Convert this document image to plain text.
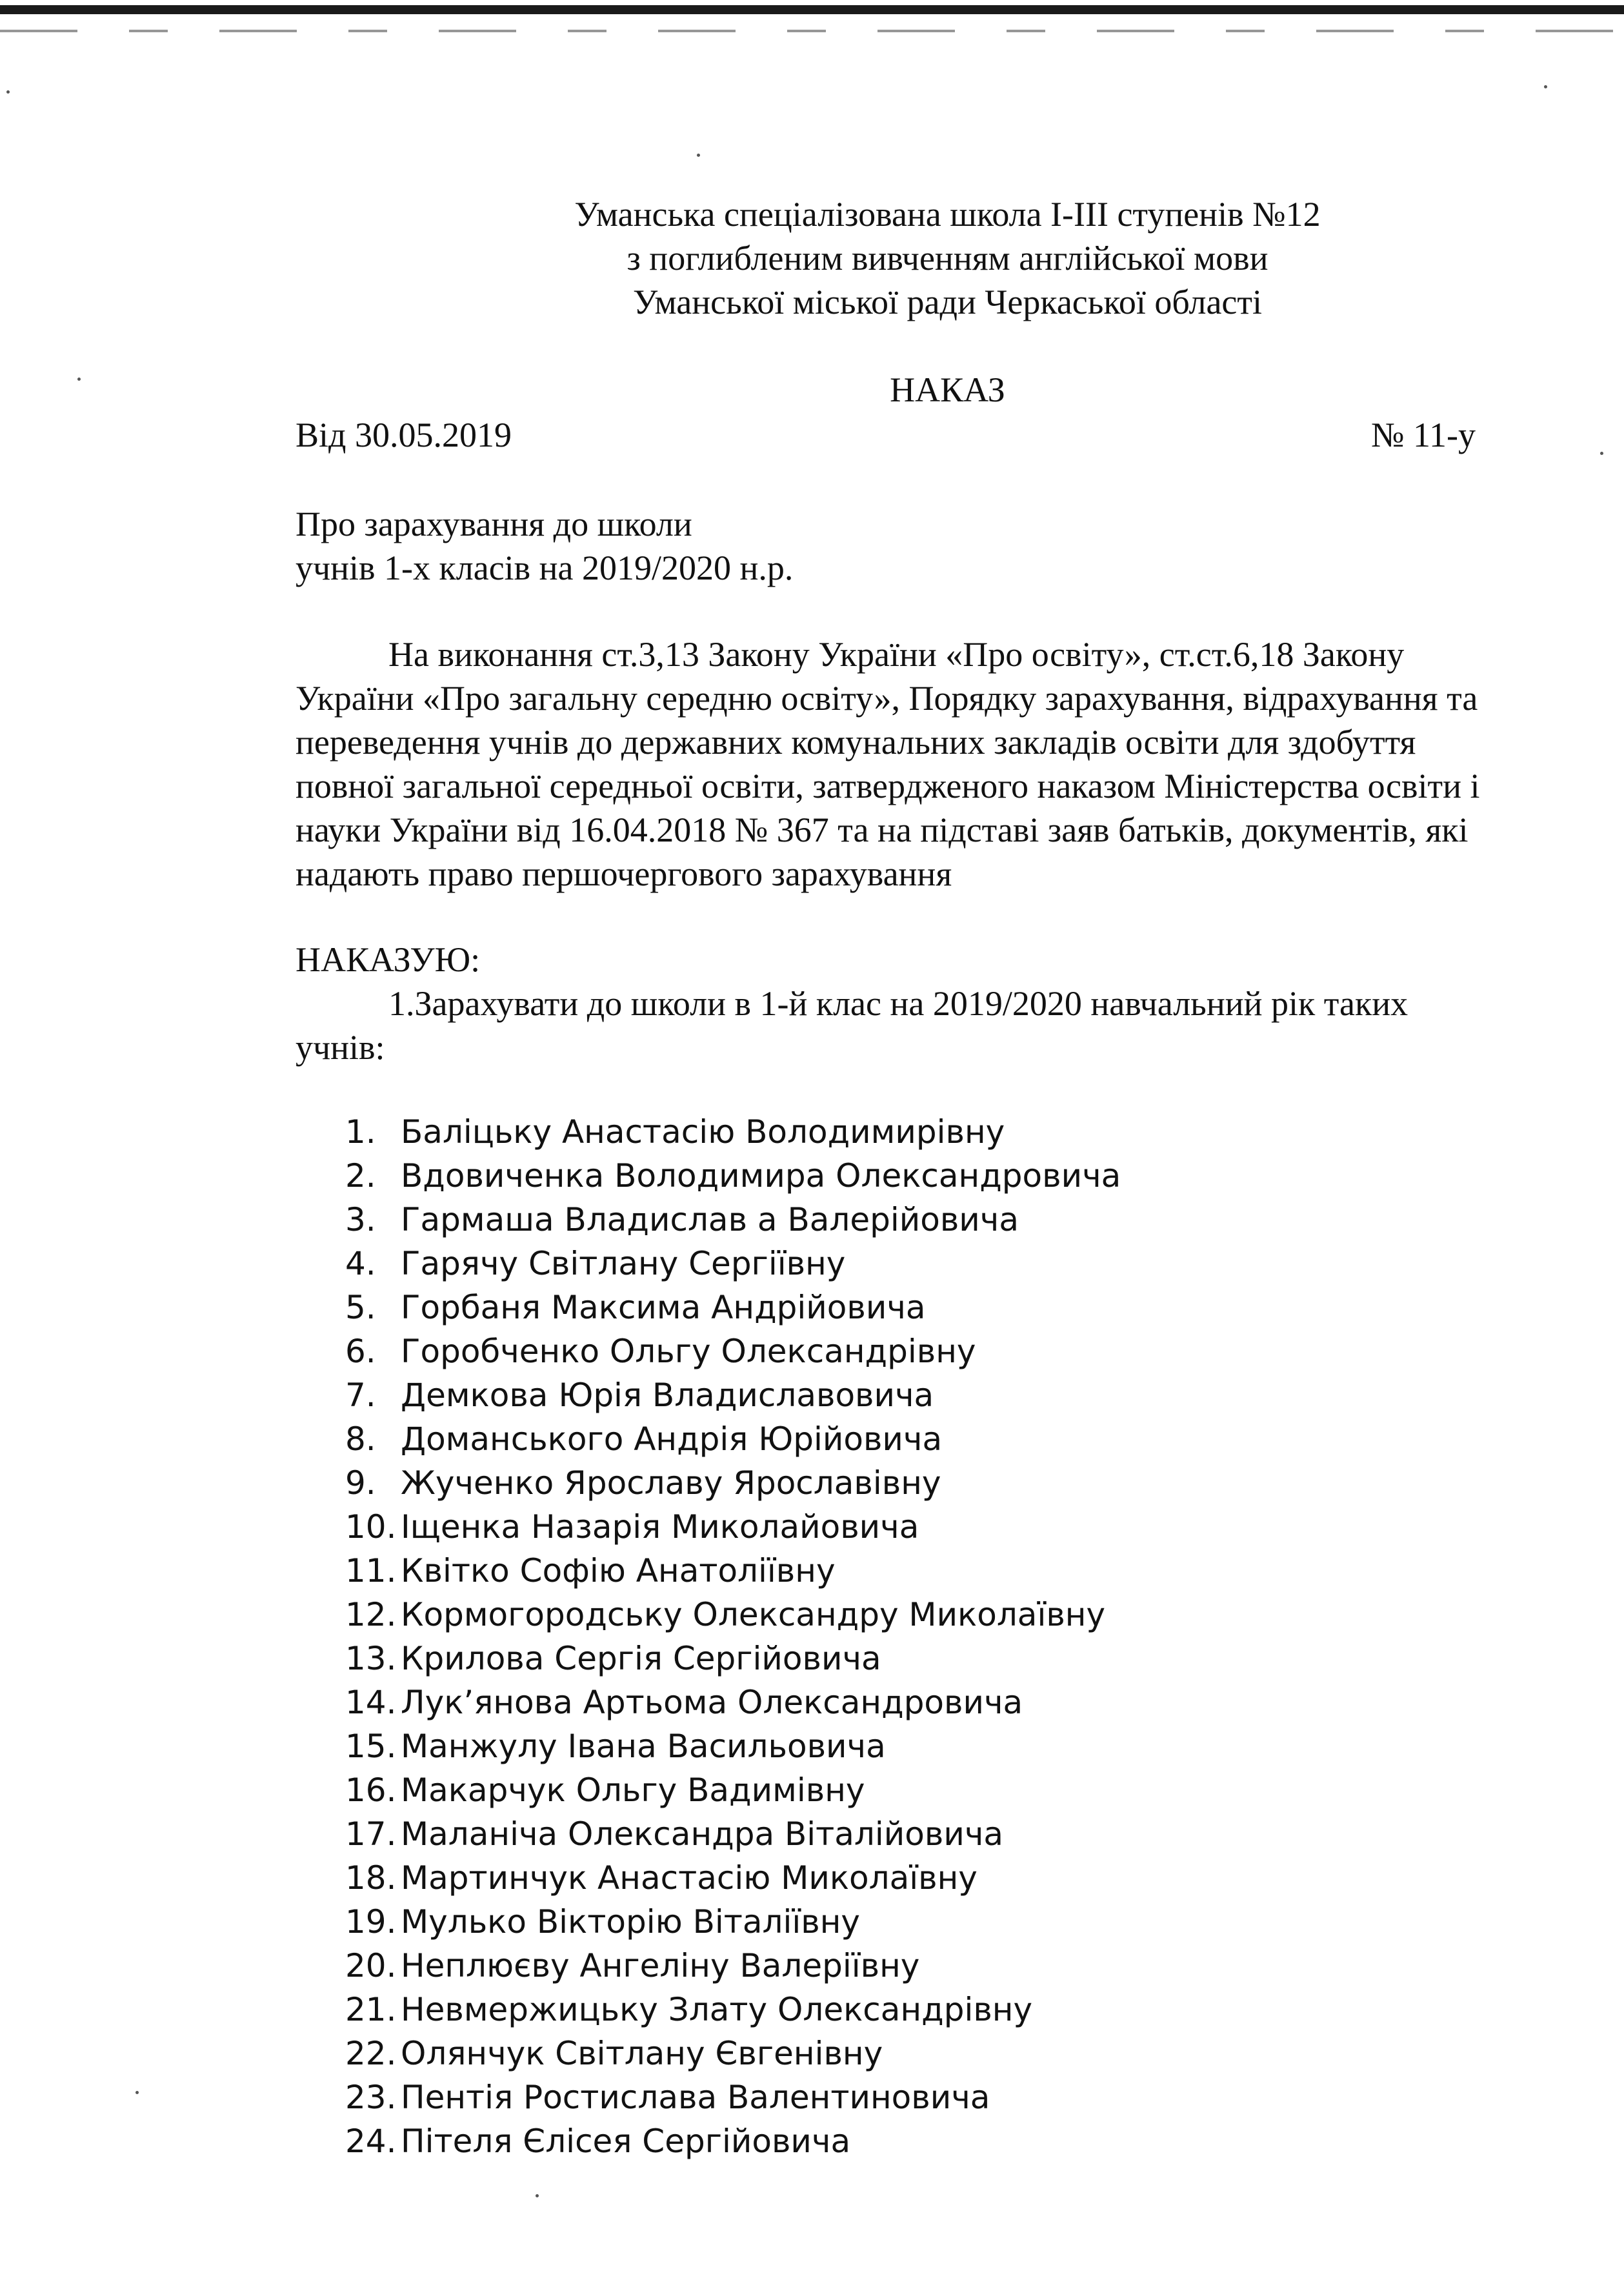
Уманська спеціалізована школа I-III ступенів №12
з поглибленим вивченням англійської мови
Уманської міської ради Черкаської області
НАКАЗ
Від 30.05.2019	№ 11-у
Про зарахування до школи
учнів 1-х класів на 2019/2020 н.р.
На виконання ст.3,13 Закону України «Про освіту», ст.ст.6,18 Закону
України «Про загальну середню освіту», Порядку зарахування, відрахування та
переведення учнів до державних комунальних закладів освіти для здобуття
повної загальної середньої освіти, затвердженого наказом Міністерства освіти і
науки України від 16.04.2018 № 367 та на підставі заяв батьків, документів, які
надають право першочергового зарахування
НАКАЗУЮ:
1.Зарахувати до школи в 1-й клас на 2019/2020 навчальний рік таких
учнів:
1. Баліцьку Анастасію Володимирівну
2. Вдовиченка Володимира Олександровича
3. Гармаша Владислав а Валерійовича
4. Гарячу Світлану Сергіївну
5. Горбаня Максима Андрійовича
6. Горобченко Ольгу Олександрівну
7. Демкова Юрія Владиславовича
8. Доманського Андрія Юрійовича
9. Жученко Ярославу Ярославівну
10. Іщенка Назарія Миколайовича
11. Квітко Софію Анатоліївну
12. Кормогородську Олександру Миколаївну
13. Крилова Сергія Сергійовича
14. Лук’янова Артьома Олександровича
15. Манжулу Івана Васильовича
16. Макарчук Ольгу Вадимівну
17. Маланіча Олександра Віталійовича
18. Мартинчук Анастасію Миколаївну
19. Мулько Вікторію Віталіївну
20. Неплюєву Ангеліну Валеріївну
21. Невмержицьку Злату Олександрівну
22. Олянчук Світлану Євгенівну
23. Пентія Ростислава Валентиновича
24. Пітеля Єлісея Сергійовича
